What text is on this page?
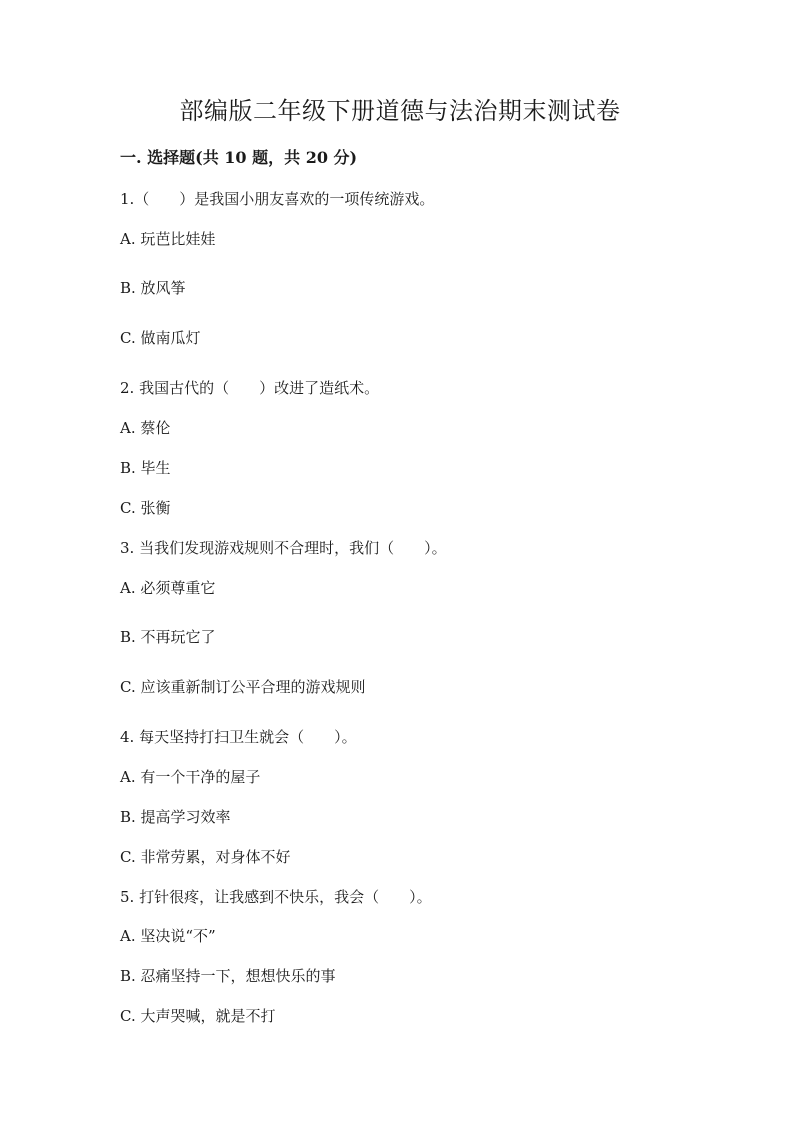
部编版二年级下册道德与法治期末测试卷
一. 选择题(共 10 题，共 20 分)
1.（　　）是我国小朋友喜欢的一项传统游戏。
A. 玩芭比娃娃
B. 放风筝
C. 做南瓜灯
2. 我国古代的（　　）改进了造纸术。
A. 蔡伦
B. 毕生
C. 张衡
3. 当我们发现游戏规则不合理时，我们（　　）。
A. 必须尊重它
B. 不再玩它了
C. 应该重新制订公平合理的游戏规则
4. 每天坚持打扫卫生就会（　　）。
A. 有一个干净的屋子
B. 提高学习效率
C. 非常劳累，对身体不好
5. 打针很疼，让我感到不快乐，我会（　　）。
A. 坚决说“不”
B. 忍痛坚持一下，想想快乐的事
C. 大声哭喊，就是不打
